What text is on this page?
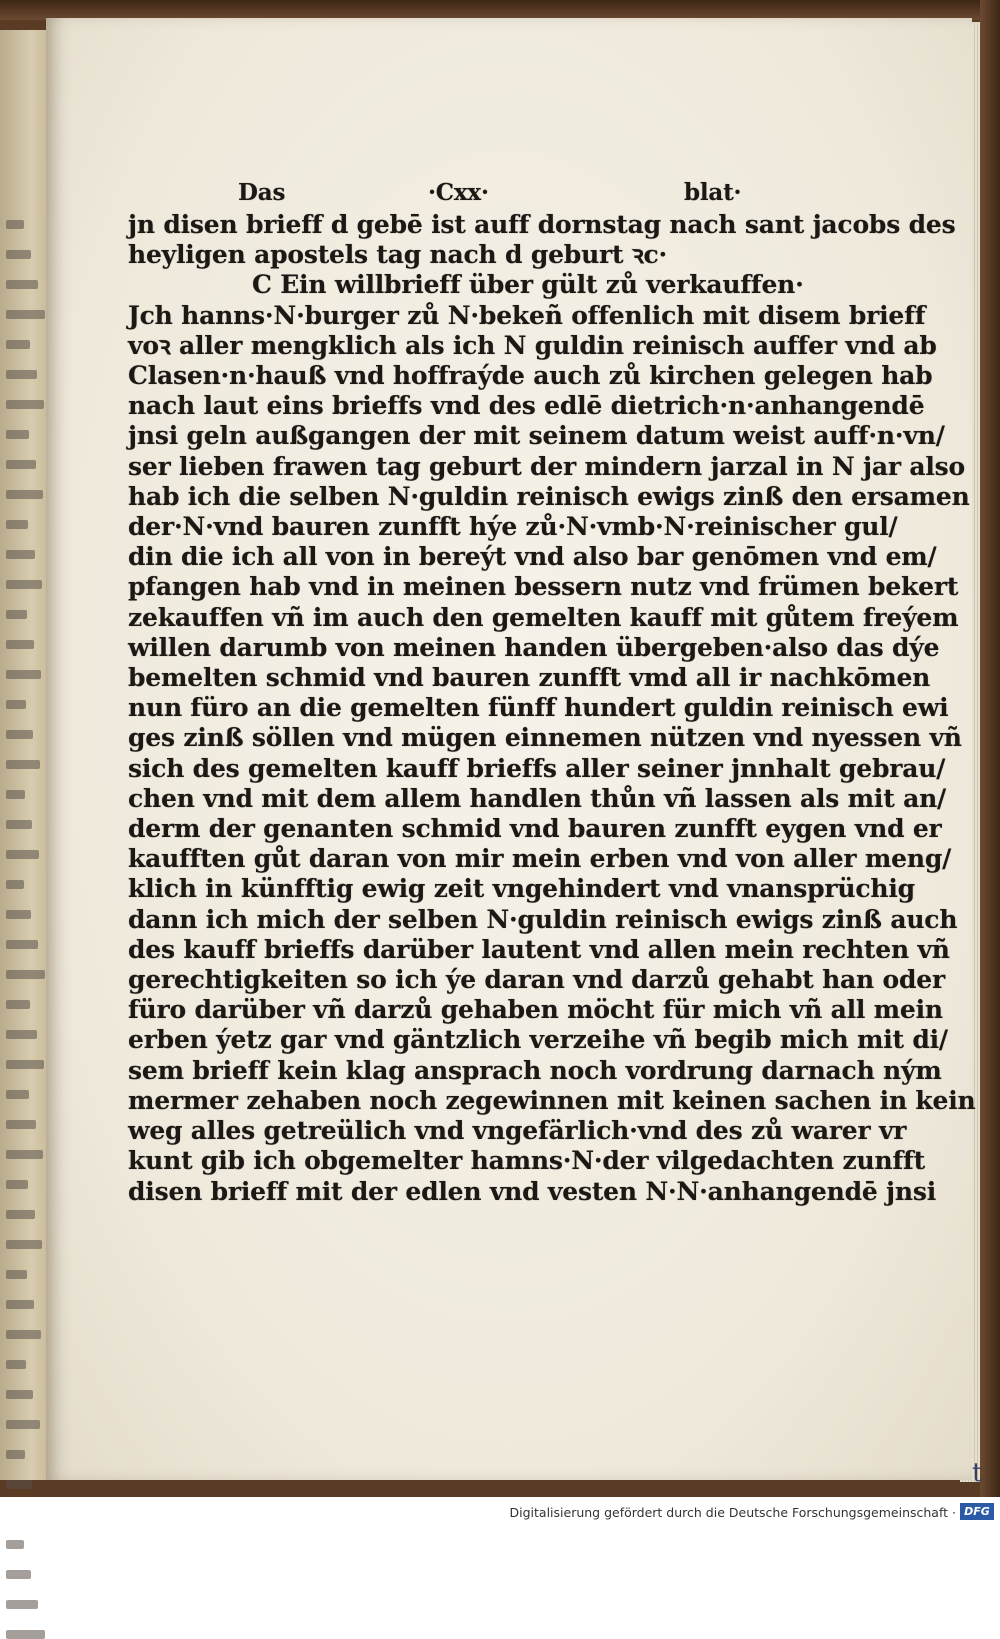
Das	·Cxx·	blat·
jn disen brieff d gebē ist auff dornstag nach sant jacobs des
heyligen apostels tag nach d geburt ꝛc·
C Ein willbrieff über gült zů verkauffen·
Jch hanns·N·burger zů N·bekeñ offenlich mit disem brieff
voꝛ aller mengklich als ich N guldin reinisch auffer vnd ab
Clasen·n·hauß vnd hoffraýde auch zů kirchen gelegen hab
nach laut eins brieffs vnd des edlē dietrich·n·anhangendē
jnsi geln außgangen der mit seinem datum weist auff·n·vn/
ser lieben frawen tag geburt der mindern jarzal in N jar also
hab ich die selben N·guldin reinisch ewigs zinß den ersamen
der·N·vnd bauren zunfft hýe zů·N·vmb·N·reinischer gul/
din die ich all von in bereýt vnd also bar genōmen vnd em/
pfangen hab vnd in meinen bessern nutz vnd frümen bekert
zekauffen vñ im auch den gemelten kauff mit gůtem freýem
willen darumb von meinen handen übergeben·also das dýe
bemelten schmid vnd bauren zunfft vmd all ir nachkōmen
nun füro an die gemelten fünff hundert guldin reinisch ewi
ges zinß söllen vnd mügen einnemen nützen vnd nyessen vñ
sich des gemelten kauff brieffs aller seiner jnnhalt gebrau/
chen vnd mit dem allem handlen thůn vñ lassen als mit an/
derm der genanten schmid vnd bauren zunfft eygen vnd er
kaufften gůt daran von mir mein erben vnd von aller meng/
klich in künfftig ewig zeit vngehindert vnd vnansprüchig
dann ich mich der selben N·guldin reinisch ewigs zinß auch
des kauff brieffs darüber lautent vnd allen mein rechten vñ
gerechtigkeiten so ich ýe daran vnd darzů gehabt han oder
füro darüber vñ darzů gehaben möcht für mich vñ all mein
erben ýetz gar vnd gäntzlich verzeihe vñ begib mich mit di/
sem brieff kein klag ansprach noch vordrung darnach ným
mermer zehaben noch zegewinnen mit keinen sachen in kein
weg alles getreülich vnd vngefärlich·vnd des zů warer vr
kunt gib ich obgemelter hamns·N·der vilgedachten zunfft
disen brieff mit der edlen vnd vesten N·N·anhangendē jnsi
t
Digitalisierung gefördert durch die Deutsche Forschungsgemeinschaft · DFG
